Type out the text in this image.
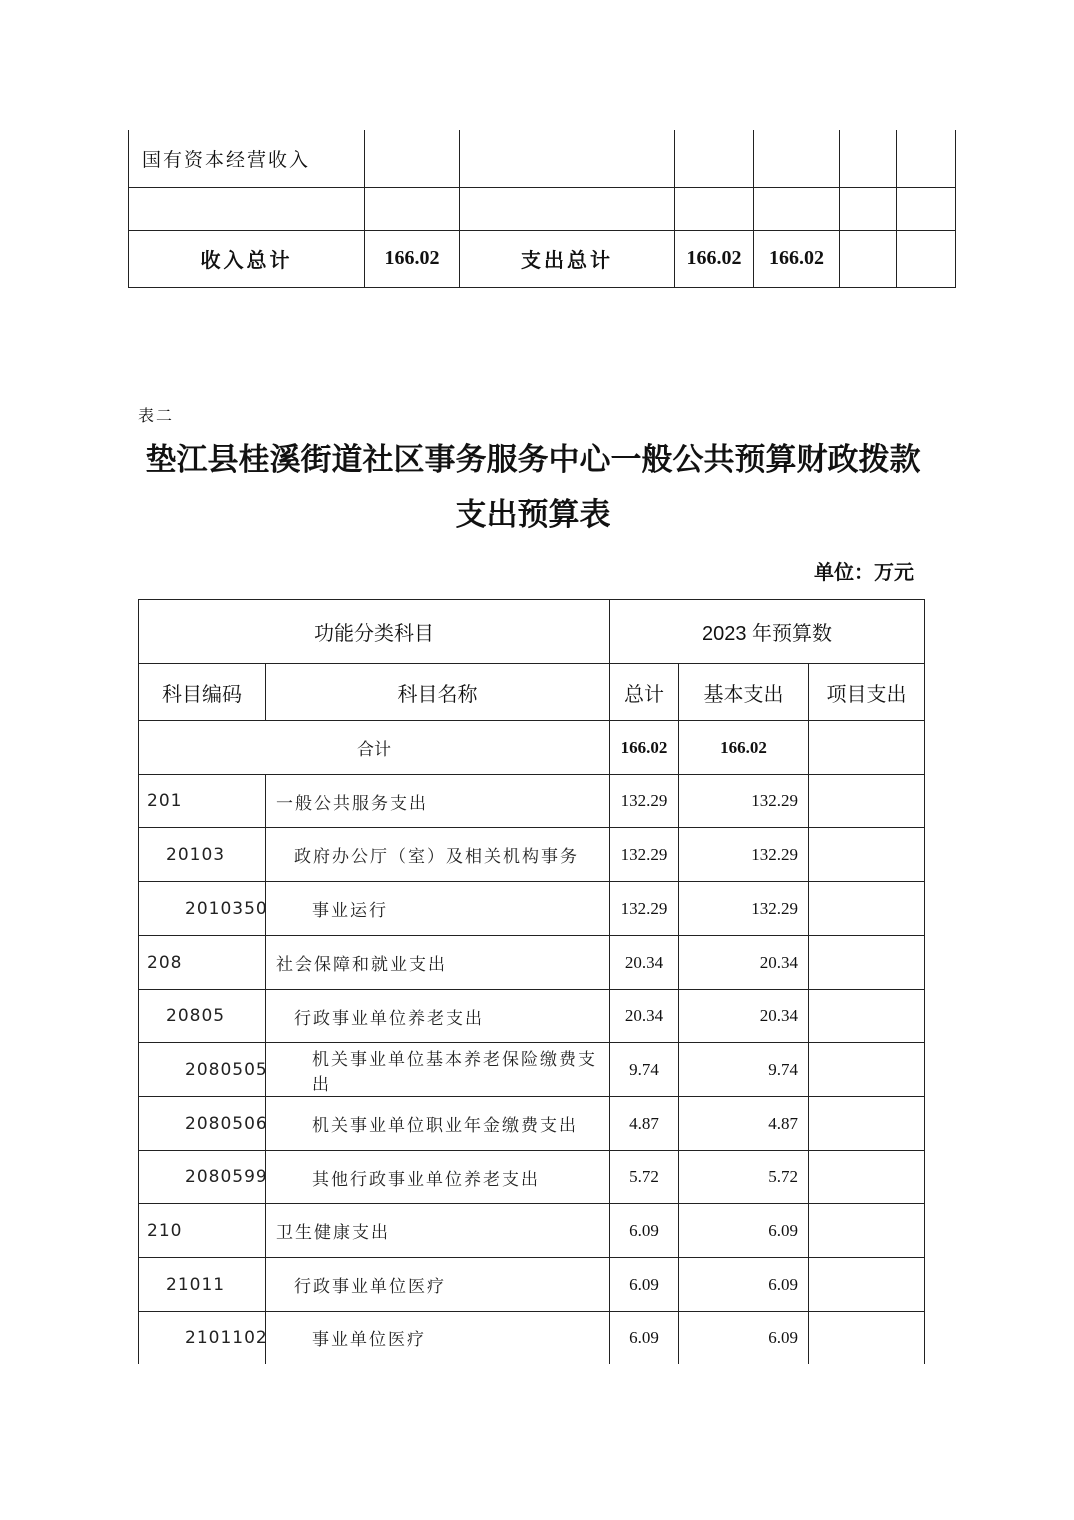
国有资本经营收入						

收入总计	166.02	支出总计	166.02	166.02		
表二
垫江县桂溪街道社区事务服务中心一般公共预算财政拨款
支出预算表
单位：万元
功能分类科目		2023 年预算数		
科目编码	科目名称	总计	基本支出	项目支出
合计		166.02	166.02	
201	一般公共服务支出	132.29	132.29	
20103	政府办公厅（室）及相关机构事务	132.29	132.29	
2010350	事业运行	132.29	132.29	
208	社会保障和就业支出	20.34	20.34	
20805	行政事业单位养老支出	20.34	20.34	
2080505	机关事业单位基本养老保险缴费支出	9.74	9.74	
2080506	机关事业单位职业年金缴费支出	4.87	4.87	
2080599	其他行政事业单位养老支出	5.72	5.72	
210	卫生健康支出	6.09	6.09	
21011	行政事业单位医疗	6.09	6.09	
2101102	事业单位医疗	6.09	6.09	
